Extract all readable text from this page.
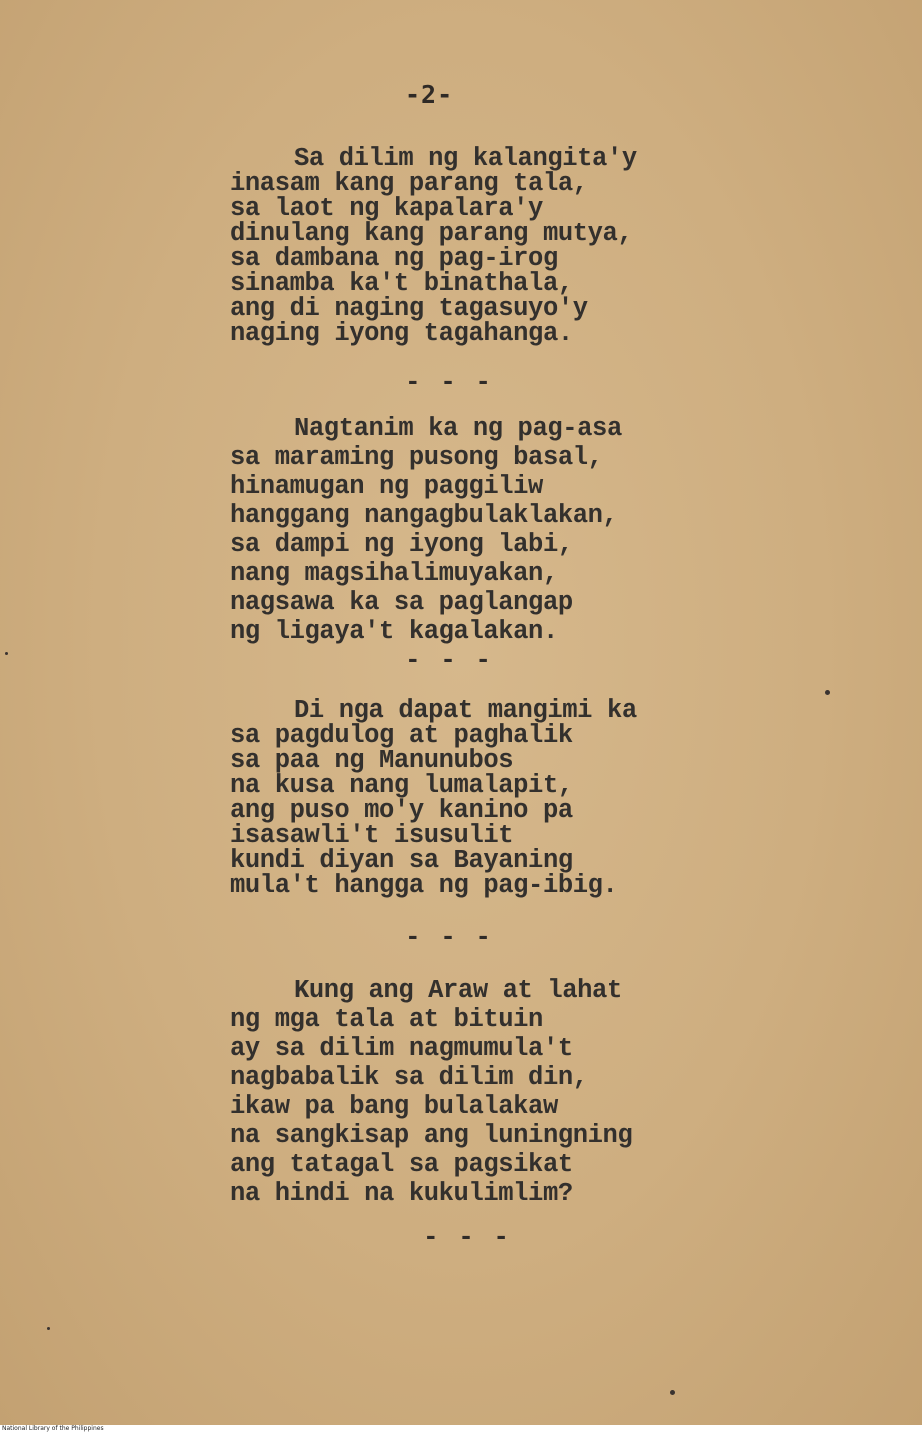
-2-
Sa dilim ng kalangita'y
inasam kang parang tala,
sa laot ng kapalara'y
dinulang kang parang mutya,
sa dambana ng pag-irog
sinamba ka't binathala,
ang di naging tagasuyo'y
naging iyong tagahanga.
- - -
Nagtanim ka ng pag-asa
sa maraming pusong basal,
hinamugan ng paggiliw
hanggang nangagbulaklakan,
sa dampi ng iyong labi,
nang magsihalimuyakan,
nagsawa ka sa paglangap
ng ligaya't kagalakan.
- - -
Di nga dapat mangimi ka
sa pagdulog at paghalik
sa paa ng Manunubos
na kusa nang lumalapit,
ang puso mo'y kanino pa
isasawli't isusulit
kundi diyan sa Bayaning
mula't hangga ng pag-ibig.
- - -
Kung ang Araw at lahat
ng mga tala at bituin
ay sa dilim nagmumula't
nagbabalik sa dilim din,
ikaw pa bang bulalakaw
na sangkisap ang luningning
ang tatagal sa pagsikat
na hindi na kukulimlim?
- - -
National Library of the Philippines
